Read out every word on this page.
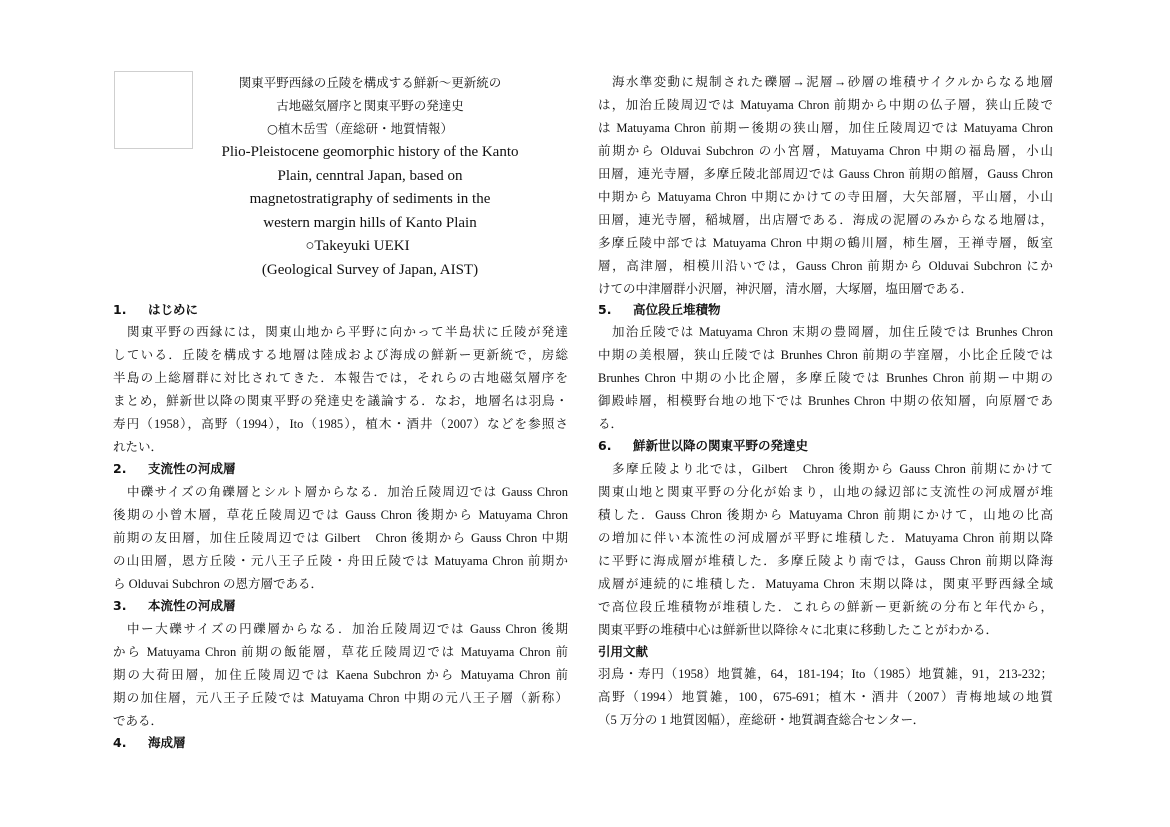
関東平野西縁の丘陵を構成する鮮新〜更新統の
古地磁気層序と関東平野の発達史
○植木岳雪（産総研・地質情報）
Plio-Pleistocene geomorphic history of the Kanto
Plain, cenntral Japan, based on
magnetostratigraphy of sediments in the
western margin hills of Kanto Plain
○Takeyuki UEKI
(Geological Survey of Japan, AIST)
1. はじめに
関東平野の西縁には，関東山地から平野に向かって半島状に丘陵が発達
している．丘陵を構成する地層は陸成および海成の鮮新ー更新統で，房総
半島の上総層群に対比されてきた．本報告では，それらの古地磁気層序を
まとめ，鮮新世以降の関東平野の発達史を議論する．なお，地層名は羽鳥・
寿円（1958），高野（1994），Ito（1985），植木・酒井（2007）などを参照さ
れたい．
2. 支流性の河成層
中礫サイズの角礫層とシルト層からなる．加治丘陵周辺では Gauss Chron
後期の小曾木層，草花丘陵周辺では Gauss Chron 後期から Matuyama Chron
前期の友田層，加住丘陵周辺では Gilbert　Chron 後期から Gauss Chron 中期
の山田層，恩方丘陵・元八王子丘陵・舟田丘陵では Matuyama Chron 前期か
ら Olduvai Subchron の恩方層である．
3. 本流性の河成層
中ー大礫サイズの円礫層からなる．加治丘陵周辺では Gauss Chron 後期
から Matuyama Chron 前期の飯能層，草花丘陵周辺では Matuyama Chron 前
期の大荷田層，加住丘陵周辺では Kaena Subchron から Matuyama Chron 前
期の加住層，元八王子丘陵では Matuyama Chron 中期の元八王子層（新称）
である．
4. 海成層
海水準変動に規制された礫層→泥層→砂層の堆積サイクルからなる地層
は，加治丘陵周辺では Matuyama Chron 前期から中期の仏子層，狭山丘陵で
は Matuyama Chron 前期ー後期の狭山層，加住丘陵周辺では Matuyama Chron
前期から Olduvai Subchron の小宮層，Matuyama Chron 中期の福島層，小山
田層，連光寺層，多摩丘陵北部周辺では Gauss Chron 前期の館層，Gauss Chron
中期から Matuyama Chron 中期にかけての寺田層，大矢部層，平山層，小山
田層，連光寺層，稲城層，出店層である．海成の泥層のみからなる地層は，
多摩丘陵中部では Matuyama Chron 中期の鶴川層，柿生層，王禅寺層，飯室
層，高津層，相模川沿いでは，Gauss Chron 前期から Olduvai Subchron にか
けての中津層群小沢層，神沢層，清水層，大塚層，塩田層である．
5. 高位段丘堆積物
加治丘陵では Matuyama Chron 末期の豊岡層，加住丘陵では Brunhes Chron
中期の美根層，狭山丘陵では Brunhes Chron 前期の芋窪層，小比企丘陵では
Brunhes Chron 中期の小比企層，多摩丘陵では Brunhes Chron 前期ー中期の
御殿峠層，相模野台地の地下では Brunhes Chron 中期の依知層，向原層であ
る．
6. 鮮新世以降の関東平野の発達史
多摩丘陵より北では，Gilbert　Chron 後期から Gauss Chron 前期にかけて
関東山地と関東平野の分化が始まり，山地の縁辺部に支流性の河成層が堆
積した．Gauss Chron 後期から Matuyama Chron 前期にかけて，山地の比高
の増加に伴い本流性の河成層が平野に堆積した．Matuyama Chron 前期以降
に平野に海成層が堆積した．多摩丘陵より南では，Gauss Chron 前期以降海
成層が連続的に堆積した．Matuyama Chron 末期以降は，関東平野西縁全域
で高位段丘堆積物が堆積した．これらの鮮新ー更新統の分布と年代から，
関東平野の堆積中心は鮮新世以降徐々に北東に移動したことがわかる．
引用文献
羽鳥・寿円（1958）地質雑，64，181-194；Ito（1985）地質雑，91，213-232；
高野（1994）地質雑，100，675-691；植木・酒井（2007）青梅地域の地質
（5 万分の 1 地質図幅），産総研・地質調査総合センター．
